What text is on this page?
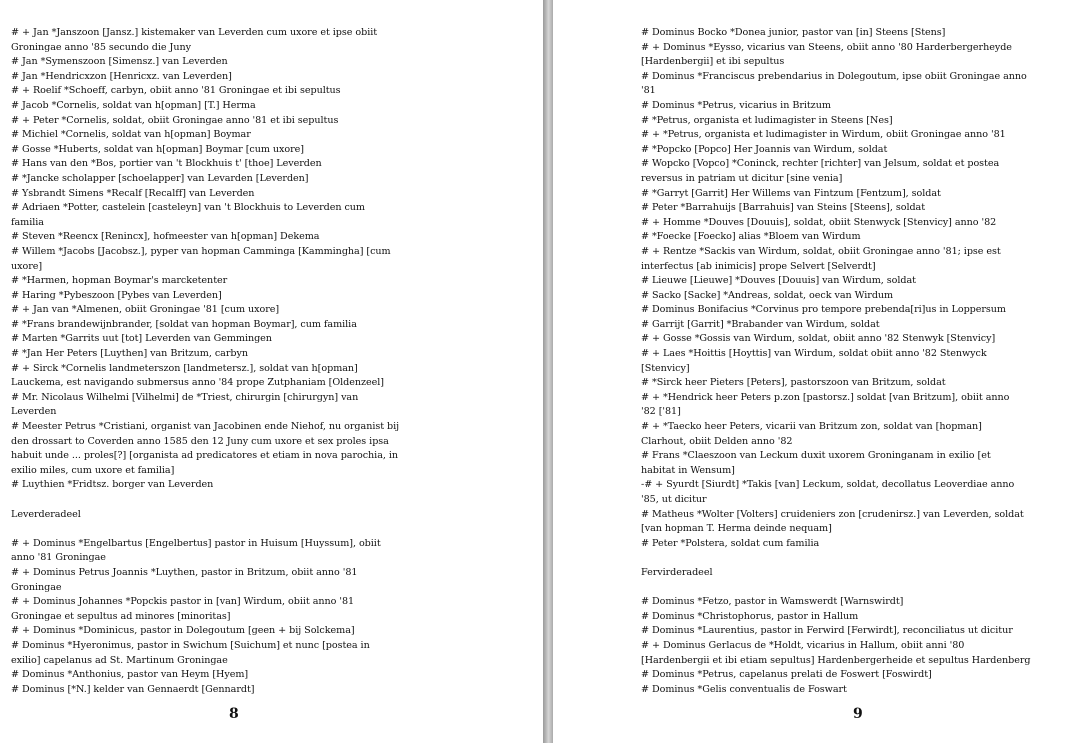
# + Jan *Janszoon [Jansz.] kistemaker van Leverden cum uxore et ipse obiit
Groningae anno '85 secundo die Juny
# Jan *Symenszoon [Simensz.] van Leverden
# Jan *Hendricxzon [Henricxz. van Leverden]
# + Roelif *Schoeff, carbyn, obiit anno '81 Groningae et ibi sepultus
# Jacob *Cornelis, soldat van h[opman] [T.] Herma
# + Peter *Cornelis, soldat, obiit Groningae anno '81 et ibi sepultus
# Michiel *Cornelis, soldat van h[opman] Boymar
# Gosse *Huberts, soldat van h[opman] Boymar [cum uxore]
# Hans van den *Bos, portier van 't Blockhuis t' [thoe] Leverden
# *Jancke scholapper [schoelapper] van Levarden [Leverden]
# Ysbrandt Simens *Recalf [Recalff] van Leverden
# Adriaen *Potter, castelein [casteleyn] van 't Blockhuis to Leverden cum
familia
# Steven *Reencx [Renincx], hofmeester van h[opman] Dekema
# Willem *Jacobs [Jacobsz.], pyper van hopman Camminga [Kammingha] [cum
uxore]
# *Harmen, hopman Boymar's marcketenter
# Haring *Pybeszoon [Pybes van Leverden]
# + Jan van *Almenen, obiit Groningae '81 [cum uxore]
# *Frans brandewijnbrander, [soldat van hopman Boymar], cum familia
# Marten *Garrits uut [tot] Leverden van Gemmingen
# *Jan Her Peters [Luythen] van Britzum, carbyn
# + Sirck *Cornelis landmeterszon [landmetersz.], soldat van h[opman]
Lauckema, est navigando submersus anno '84 prope Zutphaniam [Oldenzeel]
# Mr. Nicolaus Wilhelmi [Vilhelmi] de *Triest, chirurgin [chirurgyn] van
Leverden
# Meester Petrus *Cristiani, organist van Jacobinen ende Niehof, nu organist bij
den drossart to Coverden anno 1585 den 12 Juny cum uxore et sex proles ipsa
habuit unde ... proles[?] [organista ad predicatores et etiam in nova parochia, in
exilio miles, cum uxore et familia]
# Luythien *Fridtsz. borger van Leverden
Leverderadeel
# + Dominus *Engelbartus [Engelbertus] pastor in Huisum [Huyssum], obiit
anno '81 Groningae
# + Dominus Petrus Joannis *Luythen, pastor in Britzum, obiit anno '81
Groningae
# + Dominus Johannes *Popckis pastor in [van] Wirdum, obiit anno '81
Groningae et sepultus ad minores [minoritas]
# + Dominus *Dominicus, pastor in Dolegoutum [geen + bij Solckema]
# Dominus *Hyeronimus, pastor in Swichum [Suichum] et nunc [postea in
exilio] capelanus ad St. Martinum Groningae
# Dominus *Anthonius, pastor van Heym [Hyem]
# Dominus [*N.] kelder van Gennaerdt [Gennardt]
8
# Dominus Bocko *Donea junior, pastor van [in] Steens [Stens]
# + Dominus *Eysso, vicarius van Steens, obiit anno '80 Harderbergerheyde
[Hardenbergii] et ibi sepultus
# Dominus *Franciscus prebendarius in Dolegoutum, ipse obiit Groningae anno
'81
# Dominus *Petrus, vicarius in Britzum
# *Petrus, organista et ludimagister in Steens [Nes]
# + *Petrus, organista et ludimagister in Wirdum, obiit Groningae anno '81
# *Popcko [Popco] Her Joannis van Wirdum, soldat
# Wopcko [Vopco] *Coninck, rechter [richter] van Jelsum, soldat et postea
reversus in patriam ut dicitur [sine venia]
# *Garryt [Garrit] Her Willems van Fintzum [Fentzum], soldat
# Peter *Barrahuijs [Barrahuis] van Steins [Steens], soldat
# + Homme *Douves [Douuis], soldat, obiit Stenwyck [Stenvicy] anno '82
# *Foecke [Foecko] alias *Bloem van Wirdum
# + Rentze *Sackis van Wirdum, soldat, obiit Groningae anno '81; ipse est
interfectus [ab inimicis] prope Selvert [Selverdt]
# Lieuwe [Lieuwe] *Douves [Douuis] van Wirdum, soldat
# Sacko [Sacke] *Andreas, soldat, oeck van Wirdum
# Dominus Bonifacius *Corvinus pro tempore prebenda[ri]us in Loppersum
# Garrijt [Garrit] *Brabander van Wirdum, soldat
# + Gosse *Gossis van Wirdum, soldat, obiit anno '82 Stenwyk [Stenvicy]
# + Laes *Hoittis [Hoyttis] van Wirdum, soldat obiit anno '82 Stenwyck
[Stenvicy]
# *Sirck heer Pieters [Peters], pastorszoon van Britzum, soldat
# + *Hendrick heer Peters p.zon [pastorsz.] soldat [van Britzum], obiit anno
'82 ['81]
# + *Taecko heer Peters, vicarii van Britzum zon, soldat van [hopman]
Clarhout, obiit Delden anno '82
# Frans *Claeszoon van Leckum duxit uxorem Groninganam in exilio [et
habitat in Wensum]
-# + Syurdt [Siurdt] *Takis [van] Leckum, soldat, decollatus Leoverdiae anno
'85, ut dicitur
# Matheus *Wolter [Volters] cruideniers zon [crudenirsz.] van Leverden, soldat
[van hopman T. Herma deinde nequam]
# Peter *Polstera, soldat cum familia
Fervirderadeel
# Dominus *Fetzo, pastor in Wamswerdt [Warnswirdt]
# Dominus *Christophorus, pastor in Hallum
# Dominus *Laurentius, pastor in Ferwird [Ferwirdt], reconciliatus ut dicitur
# + Dominus Gerlacus de *Holdt, vicarius in Hallum, obiit anni '80
[Hardenbergii et ibi etiam sepultus] Hardenbergerheide et sepultus Hardenberg
# Dominus *Petrus, capelanus prelati de Foswert [Foswirdt]
# Dominus *Gelis conventualis de Foswart
9
